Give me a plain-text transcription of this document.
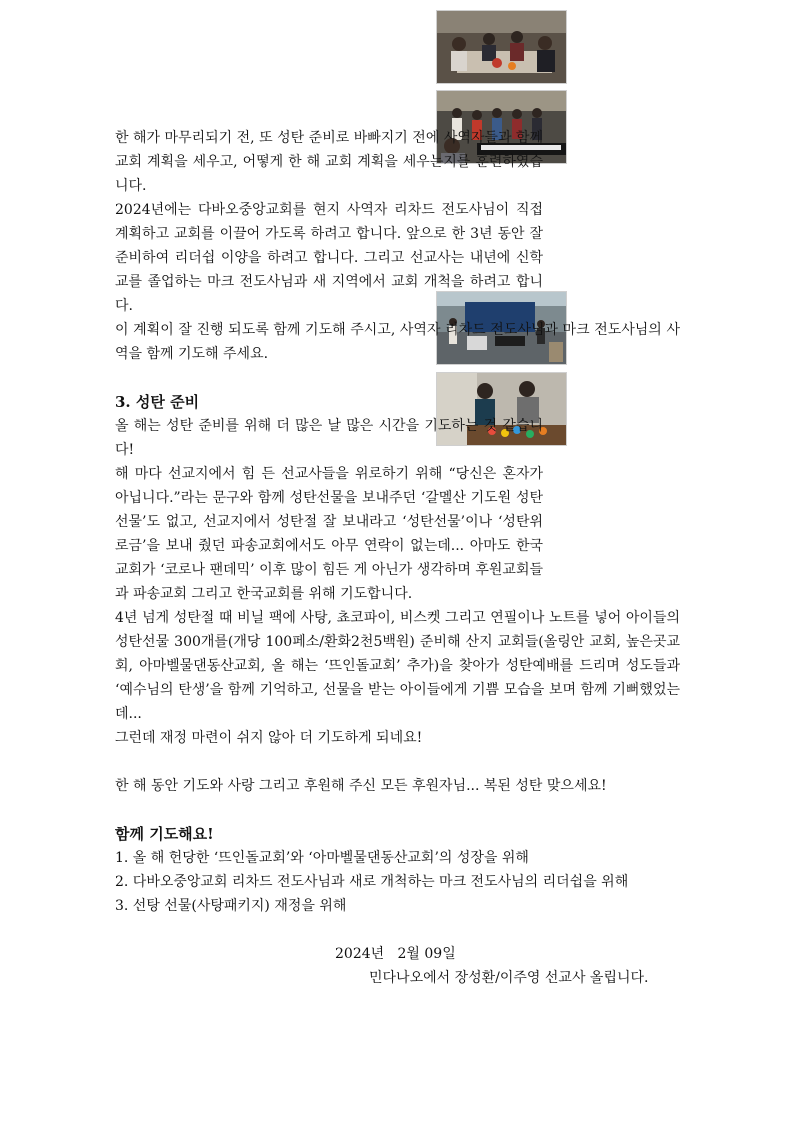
한 해가 마무리되기 전, 또 성탄 준비로 바빠지기 전에 사역자들과 함께 교회 계획을 세우고, 어떻게 한 해 교회 계획을 세우는지를 훈련하였습니다.

2024년에는 다바오중앙교회를 현지 사역자 리차드 전도사님이 직접 계획하고 교회를 이끌어 가도록 하려고 합니다. 앞으로 한 3년 동안 잘 준비하여 리더쉽 이양을 하려고 합니다. 그리고 선교사는 내년에 신학교를 졸업하는 마크 전도사님과 새 지역에서 교회 개척을 하려고 합니다.

이 계획이 잘 진행 되도록 함께 기도해 주시고, 사역자 리차드 전도사님과 마크 전도사님의 사역을 함께 기도해 주세요.

3. 성탄 준비

올 해는 성탄 준비를 위해 더 많은 날 많은 시간을 기도하는 것 같습니다!

해 마다 선교지에서 힘 든 선교사들을 위로하기 위해 “당신은 혼자가 아닙니다.”라는 문구와 함께 성탄선물을 보내주던 ‘갈멜산 기도원 성탄선물’도 없고, 선교지에서 성탄절 잘 보내라고 ‘성탄선물’이나 ‘성탄위로금’을 보내 줬던 파송교회에서도 아무 연락이 없는데... 아마도 한국교회가 ‘코로나 팬데믹’ 이후 많이 힘든 게 아닌가 생각하며 후원교회들과 파송교회 그리고 한국교회를 위해 기도합니다.

4년 넘게 성탄절 때 비닐 팩에 사탕, 쵸코파이, 비스켓 그리고 연필이나 노트를 넣어 아이들의 성탄선물 300개를(개당 100페소/환화2천5백원) 준비해 산지 교회들(올링안 교회, 높은곳교회, 아마벨물댄동산교회, 올 해는 ‘뜨인돌교회’ 추가)을 찾아가 성탄예배를 드리며 성도들과 ‘예수님의 탄생’을 함께 기억하고, 선물을 받는 아이들에게 기쁨 모습을 보며 함께 기뻐했었는데...

그런데 재정 마련이 쉬지 않아 더 기도하게 되네요!

한 해 동안 기도와 사랑 그리고 후원해 주신 모든 후원자님... 복된 성탄 맞으세요!

함께 기도해요!

1. 올 해 헌당한 ‘뜨인돌교회’와 ‘아마벨물댄동산교회’의 성장을 위해

2. 다바오중앙교회 리차드 전도사님과 새로 개척하는 마크 전도사님의 리더쉽을 위해

3. 선탕 선물(사탕패키지) 재정을 위해

2024년   2월 09일

민다나오에서 장성환/이주영 선교사 올립니다.
